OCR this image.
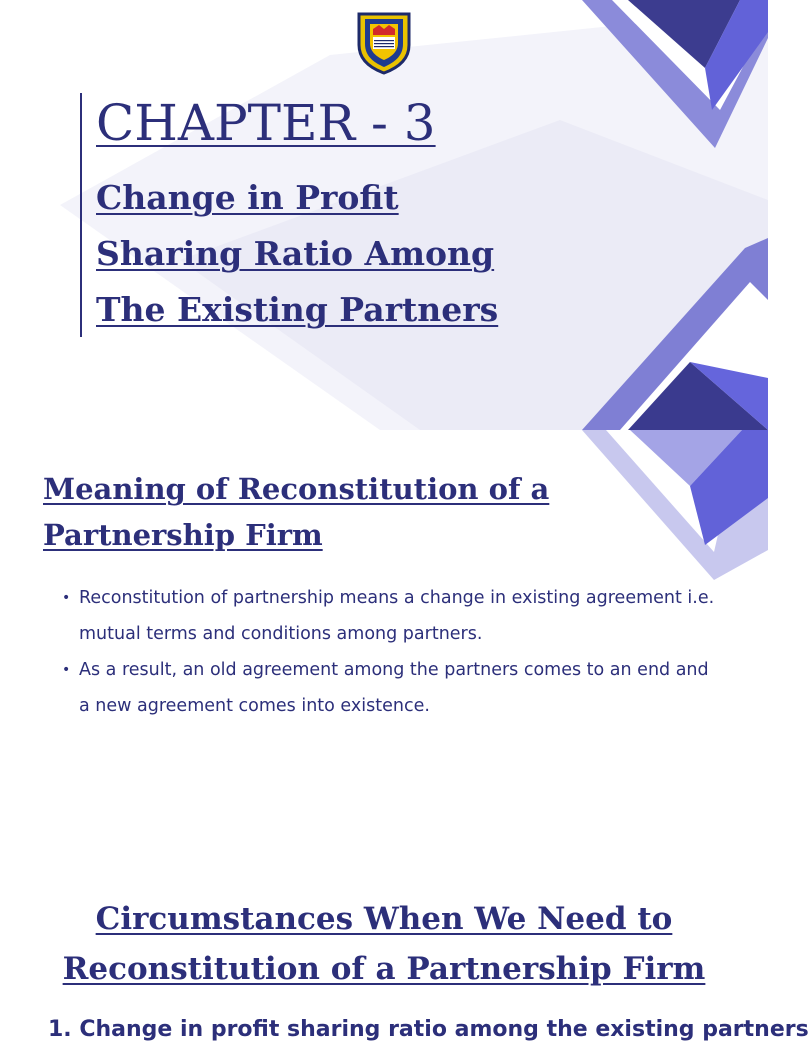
CHAPTER - 3
Change in Profit
Sharing Ratio Among
The Existing Partners
Meaning of Reconstitution of a Partnership Firm
• Reconstitution of partnership means a change in existing agreement i.e. mutual terms and conditions among partners.
• As a result, an old agreement among the partners comes to an end and a new agreement comes into existence.
Circumstances When We Need to Reconstitution of a Partnership Firm
1. Change in profit sharing ratio among the existing partners
